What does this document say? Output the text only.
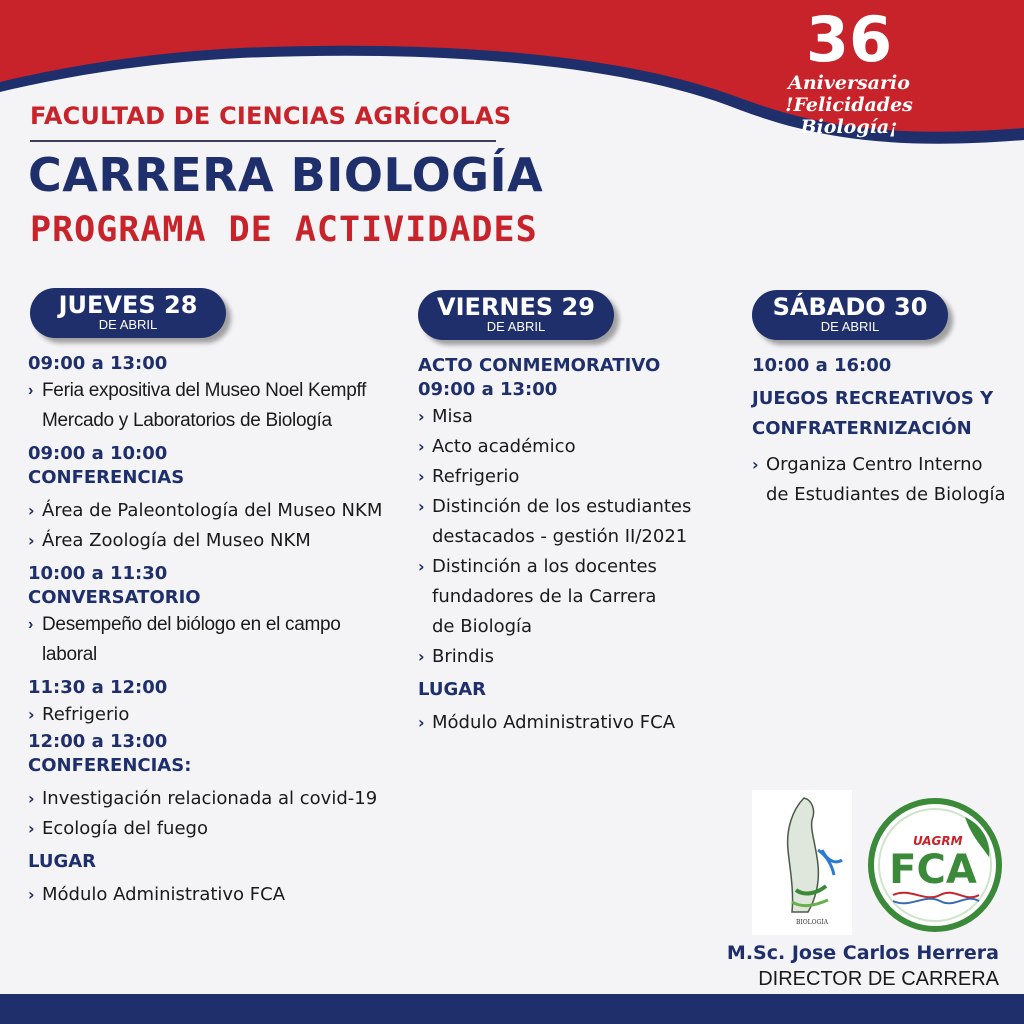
36
Aniversario
!Felicidades Biología¡
FACULTAD DE CIENCIAS AGRÍCOLAS
CARRERA BIOLOGÍA
PROGRAMA DE ACTIVIDADES
JUEVES 28
DE ABRIL
VIERNES 29
DE ABRIL
SÁBADO 30
DE ABRIL
09:00 a 13:00
› Feria expositiva del Museo Noel Kempff
Mercado y Laboratorios de Biología
09:00 a 10:00
CONFERENCIAS
› Área de Paleontología del Museo NKM
› Área Zoología del Museo NKM
10:00 a 11:30
CONVERSATORIO
› Desempeño del biólogo en el campo
laboral
11:30 a 12:00
› Refrigerio
12:00 a 13:00
CONFERENCIAS:
› Investigación relacionada al covid-19
› Ecología del fuego
LUGAR
› Módulo Administrativo FCA
ACTO CONMEMORATIVO
09:00 a 13:00
› Misa
› Acto académico
› Refrigerio
› Distinción de los estudiantes
destacados - gestión II/2021
› Distinción a los docentes
fundadores de la Carrera
de Biología
› Brindis
LUGAR
› Módulo Administrativo FCA
10:00 a 16:00
JUEGOS RECREATIVOS Y
CONFRATERNIZACIÓN
› Organiza Centro Interno
de Estudiantes de Biología
BIOLOGÍA
UAGRM
FCA
M.Sc. Jose Carlos Herrera
DIRECTOR DE CARRERA
